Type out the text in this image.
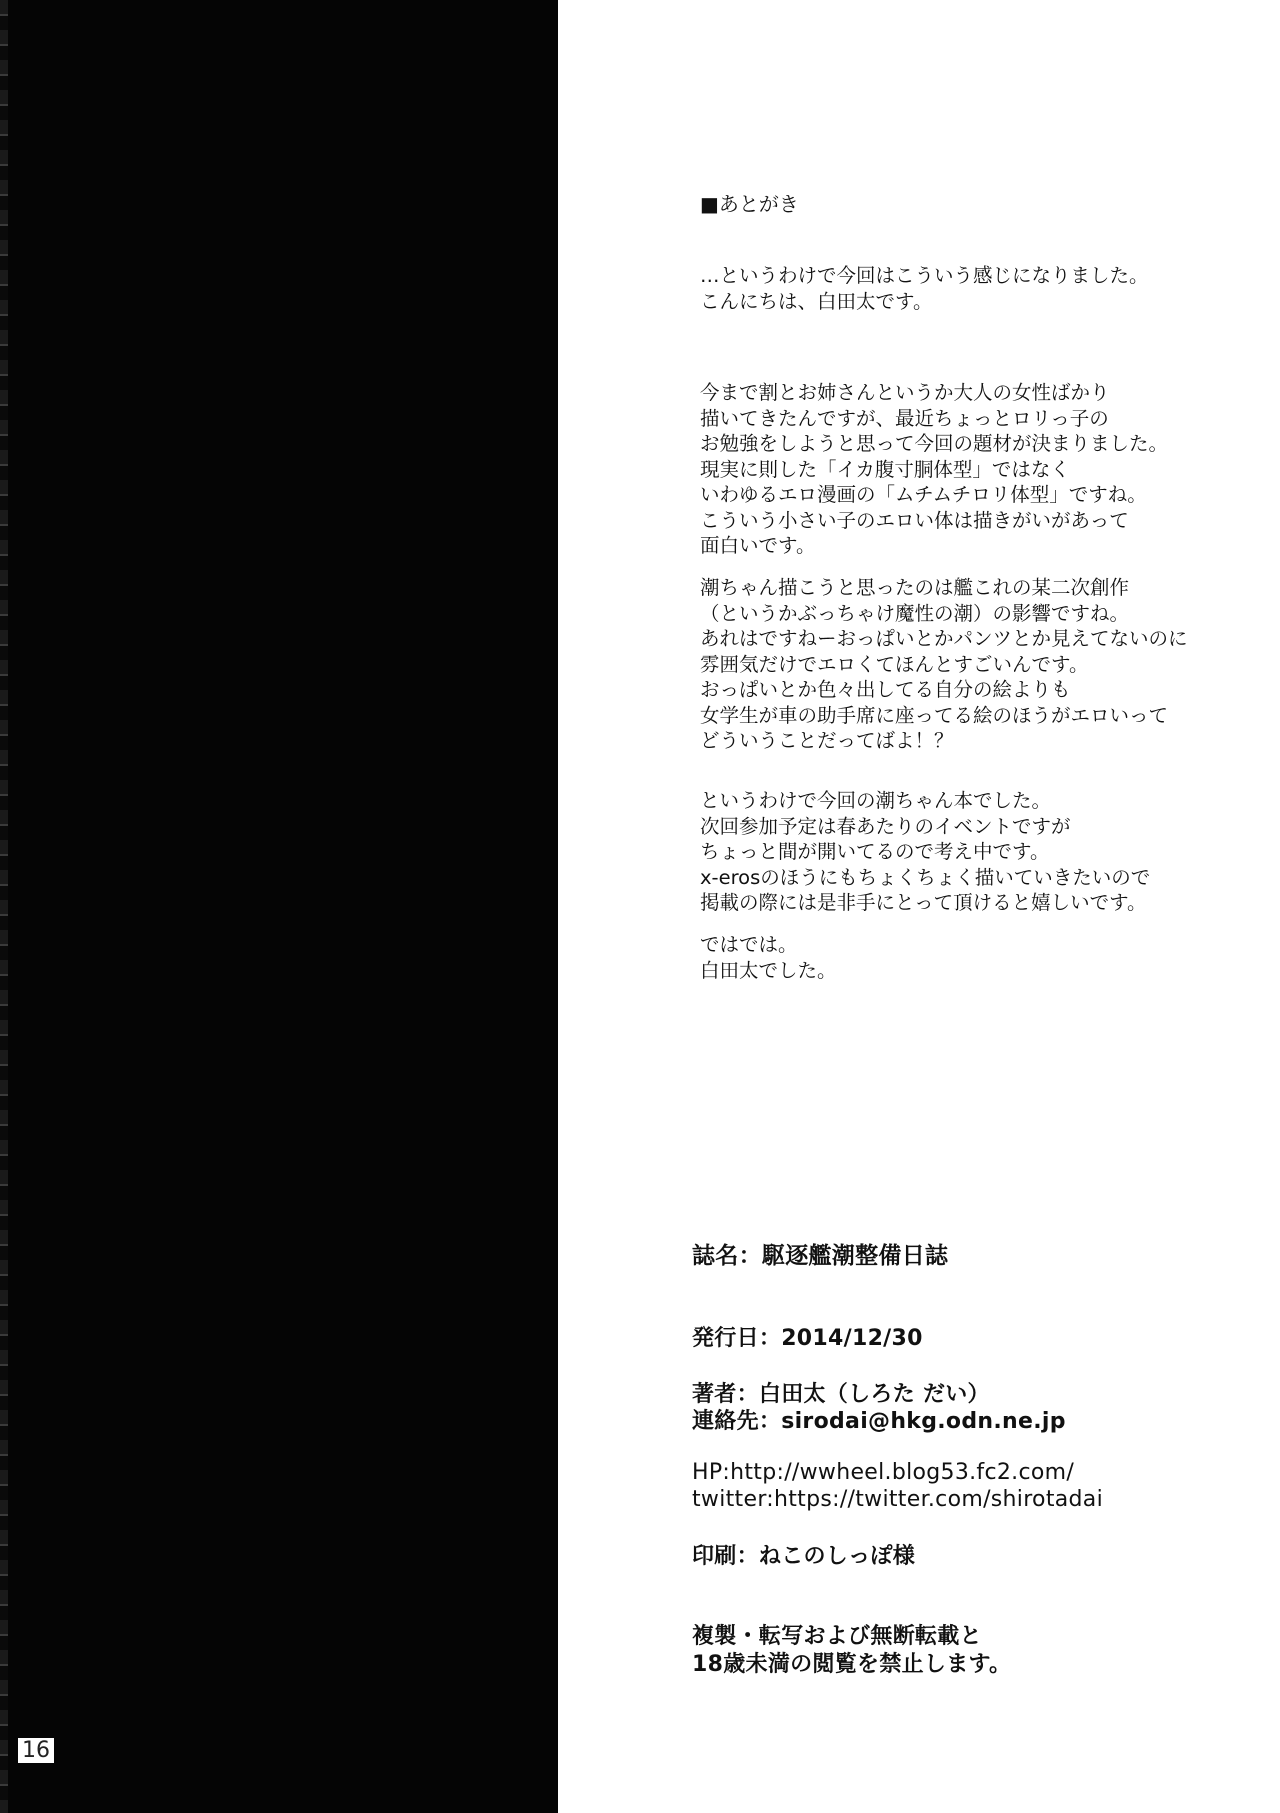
16
■あとがき
…というわけで今回はこういう感じになりました。
こんにちは、白田太です。
今まで割とお姉さんというか大人の女性ばかり
描いてきたんですが、最近ちょっとロリっ子の
お勉強をしようと思って今回の題材が決まりました。
現実に則した「イカ腹寸胴体型」ではなく
いわゆるエロ漫画の「ムチムチロリ体型」ですね。
こういう小さい子のエロい体は描きがいがあって
面白いです。
潮ちゃん描こうと思ったのは艦これの某二次創作
（というかぶっちゃけ魔性の潮）の影響ですね。
あれはですねーおっぱいとかパンツとか見えてないのに
雰囲気だけでエロくてほんとすごいんです。
おっぱいとか色々出してる自分の絵よりも
女学生が車の助手席に座ってる絵のほうがエロいって
どういうことだってばよ！？
というわけで今回の潮ちゃん本でした。
次回参加予定は春あたりのイベントですが
ちょっと間が開いてるので考え中です。
x-erosのほうにもちょくちょく描いていきたいので
掲載の際には是非手にとって頂けると嬉しいです。
ではでは。
白田太でした。
誌名：駆逐艦潮整備日誌
発行日：2014/12/30
著者：白田太（しろた だい）
連絡先：sirodai@hkg.odn.ne.jp
HP:http://wwheel.blog53.fc2.com/
twitter:https://twitter.com/shirotadai
印刷：ねこのしっぽ様
複製・転写および無断転載と
18歳未満の閲覧を禁止します。
